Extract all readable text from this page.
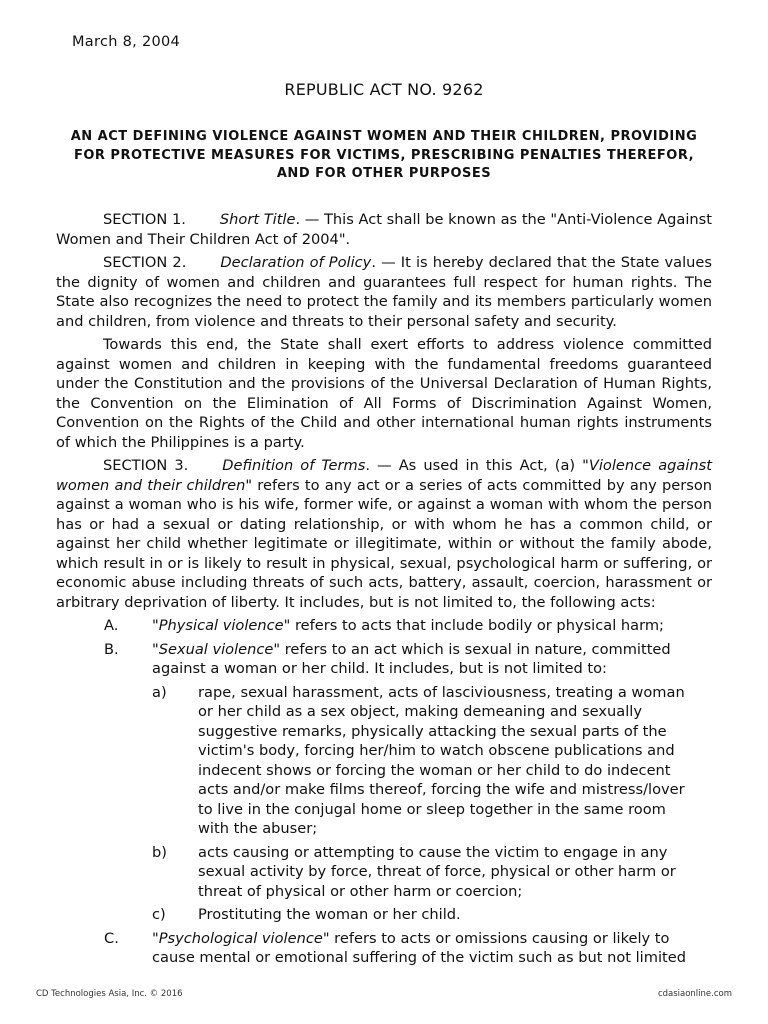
March 8, 2004
REPUBLIC ACT NO. 9262
AN ACT DEFINING VIOLENCE AGAINST WOMEN AND THEIR CHILDREN, PROVIDING FOR PROTECTIVE MEASURES FOR VICTIMS, PRESCRIBING PENALTIES THEREFOR, AND FOR OTHER PURPOSES

SECTION 1. Short Title. — This Act shall be known as the "Anti-Violence Against Women and Their Children Act of 2004".

SECTION 2. Declaration of Policy. — It is hereby declared that the State values the dignity of women and children and guarantees full respect for human rights. The State also recognizes the need to protect the family and its members particularly women and children, from violence and threats to their personal safety and security.

Towards this end, the State shall exert efforts to address violence committed against women and children in keeping with the fundamental freedoms guaranteed under the Constitution and the provisions of the Universal Declaration of Human Rights, the Convention on the Elimination of All Forms of Discrimination Against Women, Convention on the Rights of the Child and other international human rights instruments of which the Philippines is a party.

SECTION 3. Definition of Terms. — As used in this Act, (a) "Violence against women and their children" refers to any act or a series of acts committed by any person against a woman who is his wife, former wife, or against a woman with whom the person has or had a sexual or dating relationship, or with whom he has a common child, or against her child whether legitimate or illegitimate, within or without the family abode, which result in or is likely to result in physical, sexual, psychological harm or suffering, or economic abuse including threats of such acts, battery, assault, coercion, harassment or arbitrary deprivation of liberty. It includes, but is not limited to, the following acts:

A.	"Physical violence" refers to acts that include bodily or physical harm;
B.	"Sexual violence" refers to an act which is sexual in nature, committed against a woman or her child. It includes, but is not limited to:
a)	rape, sexual harassment, acts of lasciviousness, treating a woman or her child as a sex object, making demeaning and sexually suggestive remarks, physically attacking the sexual parts of the victim's body, forcing her/him to watch obscene publications and indecent shows or forcing the woman or her child to do indecent acts and/or make films thereof, forcing the wife and mistress/lover to live in the conjugal home or sleep together in the same room with the abuser;
b)	acts causing or attempting to cause the victim to engage in any sexual activity by force, threat of force, physical or other harm or threat of physical or other harm or coercion;
c)	Prostituting the woman or her child.
C.	"Psychological violence" refers to acts or omissions causing or likely to cause mental or emotional suffering of the victim such as but not limited
CD Technologies Asia, Inc. © 2016	cdasiaonline.com
